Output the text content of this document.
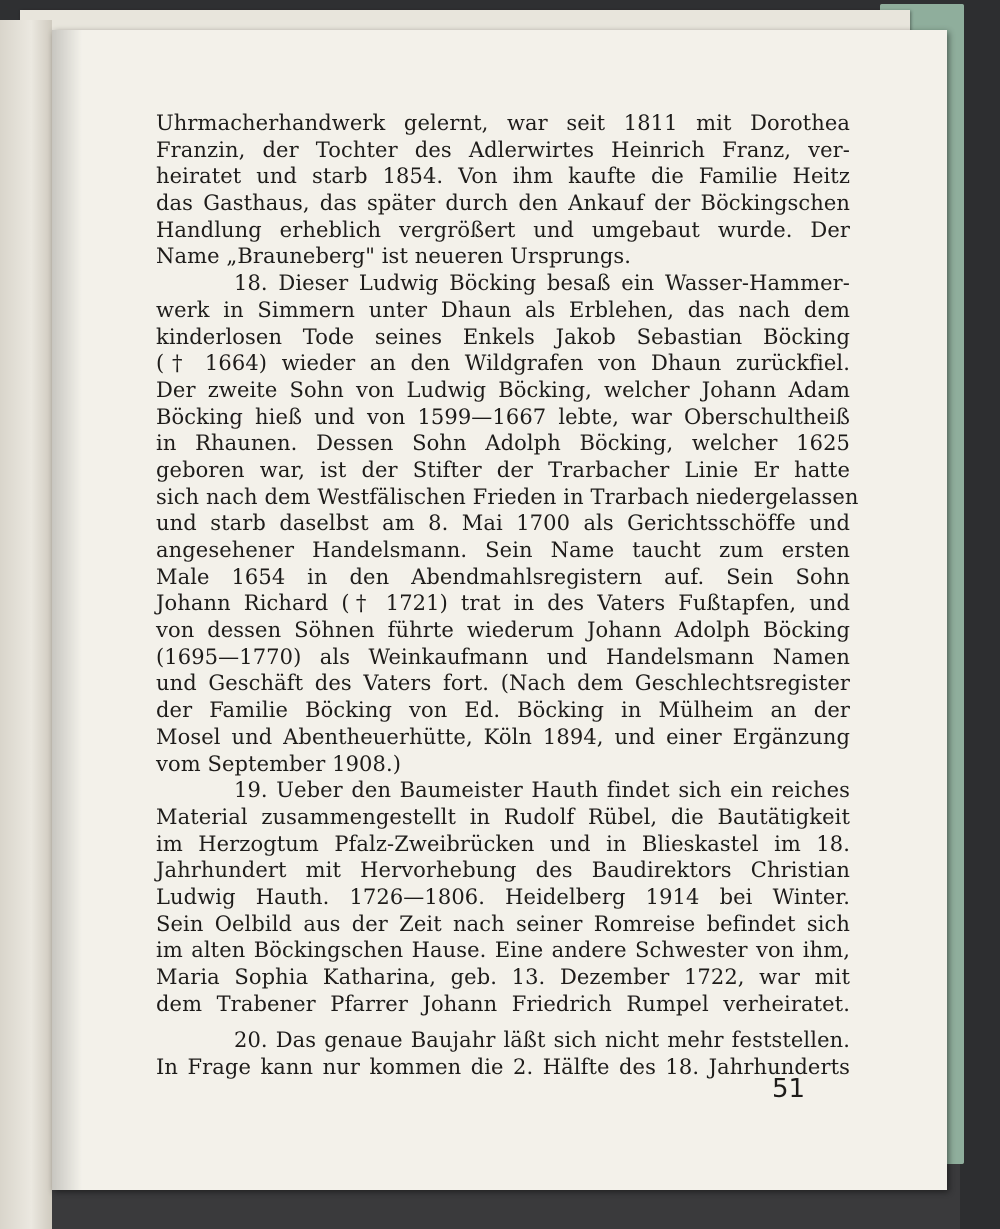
Uhrmacherhandwerk gelernt, war seit 1811 mit Dorothea
Franzin, der Tochter des Adlerwirtes Heinrich Franz, ver-
heiratet und starb 1854. Von ihm kaufte die Familie Heitz
das Gasthaus, das später durch den Ankauf der Böckingschen
Handlung erheblich vergrößert und umgebaut wurde. Der
Name „Brauneberg" ist neueren Ursprungs.
18. Dieser Ludwig Böcking besaß ein Wasser-Hammer-
werk in Simmern unter Dhaun als Erblehen, das nach dem
kinderlosen Tode seines Enkels Jakob Sebastian Böcking
(† 1664) wieder an den Wildgrafen von Dhaun zurückfiel.
Der zweite Sohn von Ludwig Böcking, welcher Johann Adam
Böcking hieß und von 1599—1667 lebte, war Oberschultheiß
in Rhaunen. Dessen Sohn Adolph Böcking, welcher 1625
geboren war, ist der Stifter der Trarbacher Linie Er hatte
sich nach dem Westfälischen Frieden in Trarbach niedergelassen
und starb daselbst am 8. Mai 1700 als Gerichtsschöffe und
angesehener Handelsmann. Sein Name taucht zum ersten
Male 1654 in den Abendmahlsregistern auf. Sein Sohn
Johann Richard († 1721) trat in des Vaters Fußtapfen, und
von dessen Söhnen führte wiederum Johann Adolph Böcking
(1695—1770) als Weinkaufmann und Handelsmann Namen
und Geschäft des Vaters fort. (Nach dem Geschlechtsregister
der Familie Böcking von Ed. Böcking in Mülheim an der
Mosel und Abentheuerhütte, Köln 1894, und einer Ergänzung
vom September 1908.)
19. Ueber den Baumeister Hauth findet sich ein reiches
Material zusammengestellt in Rudolf Rübel, die Bautätigkeit
im Herzogtum Pfalz-Zweibrücken und in Blieskastel im 18.
Jahrhundert mit Hervorhebung des Baudirektors Christian
Ludwig Hauth. 1726—1806. Heidelberg 1914 bei Winter.
Sein Oelbild aus der Zeit nach seiner Romreise befindet sich
im alten Böckingschen Hause. Eine andere Schwester von ihm,
Maria Sophia Katharina, geb. 13. Dezember 1722, war mit
dem Trabener Pfarrer Johann Friedrich Rumpel verheiratet.
20. Das genaue Baujahr läßt sich nicht mehr feststellen.
In Frage kann nur kommen die 2. Hälfte des 18. Jahrhunderts
51
